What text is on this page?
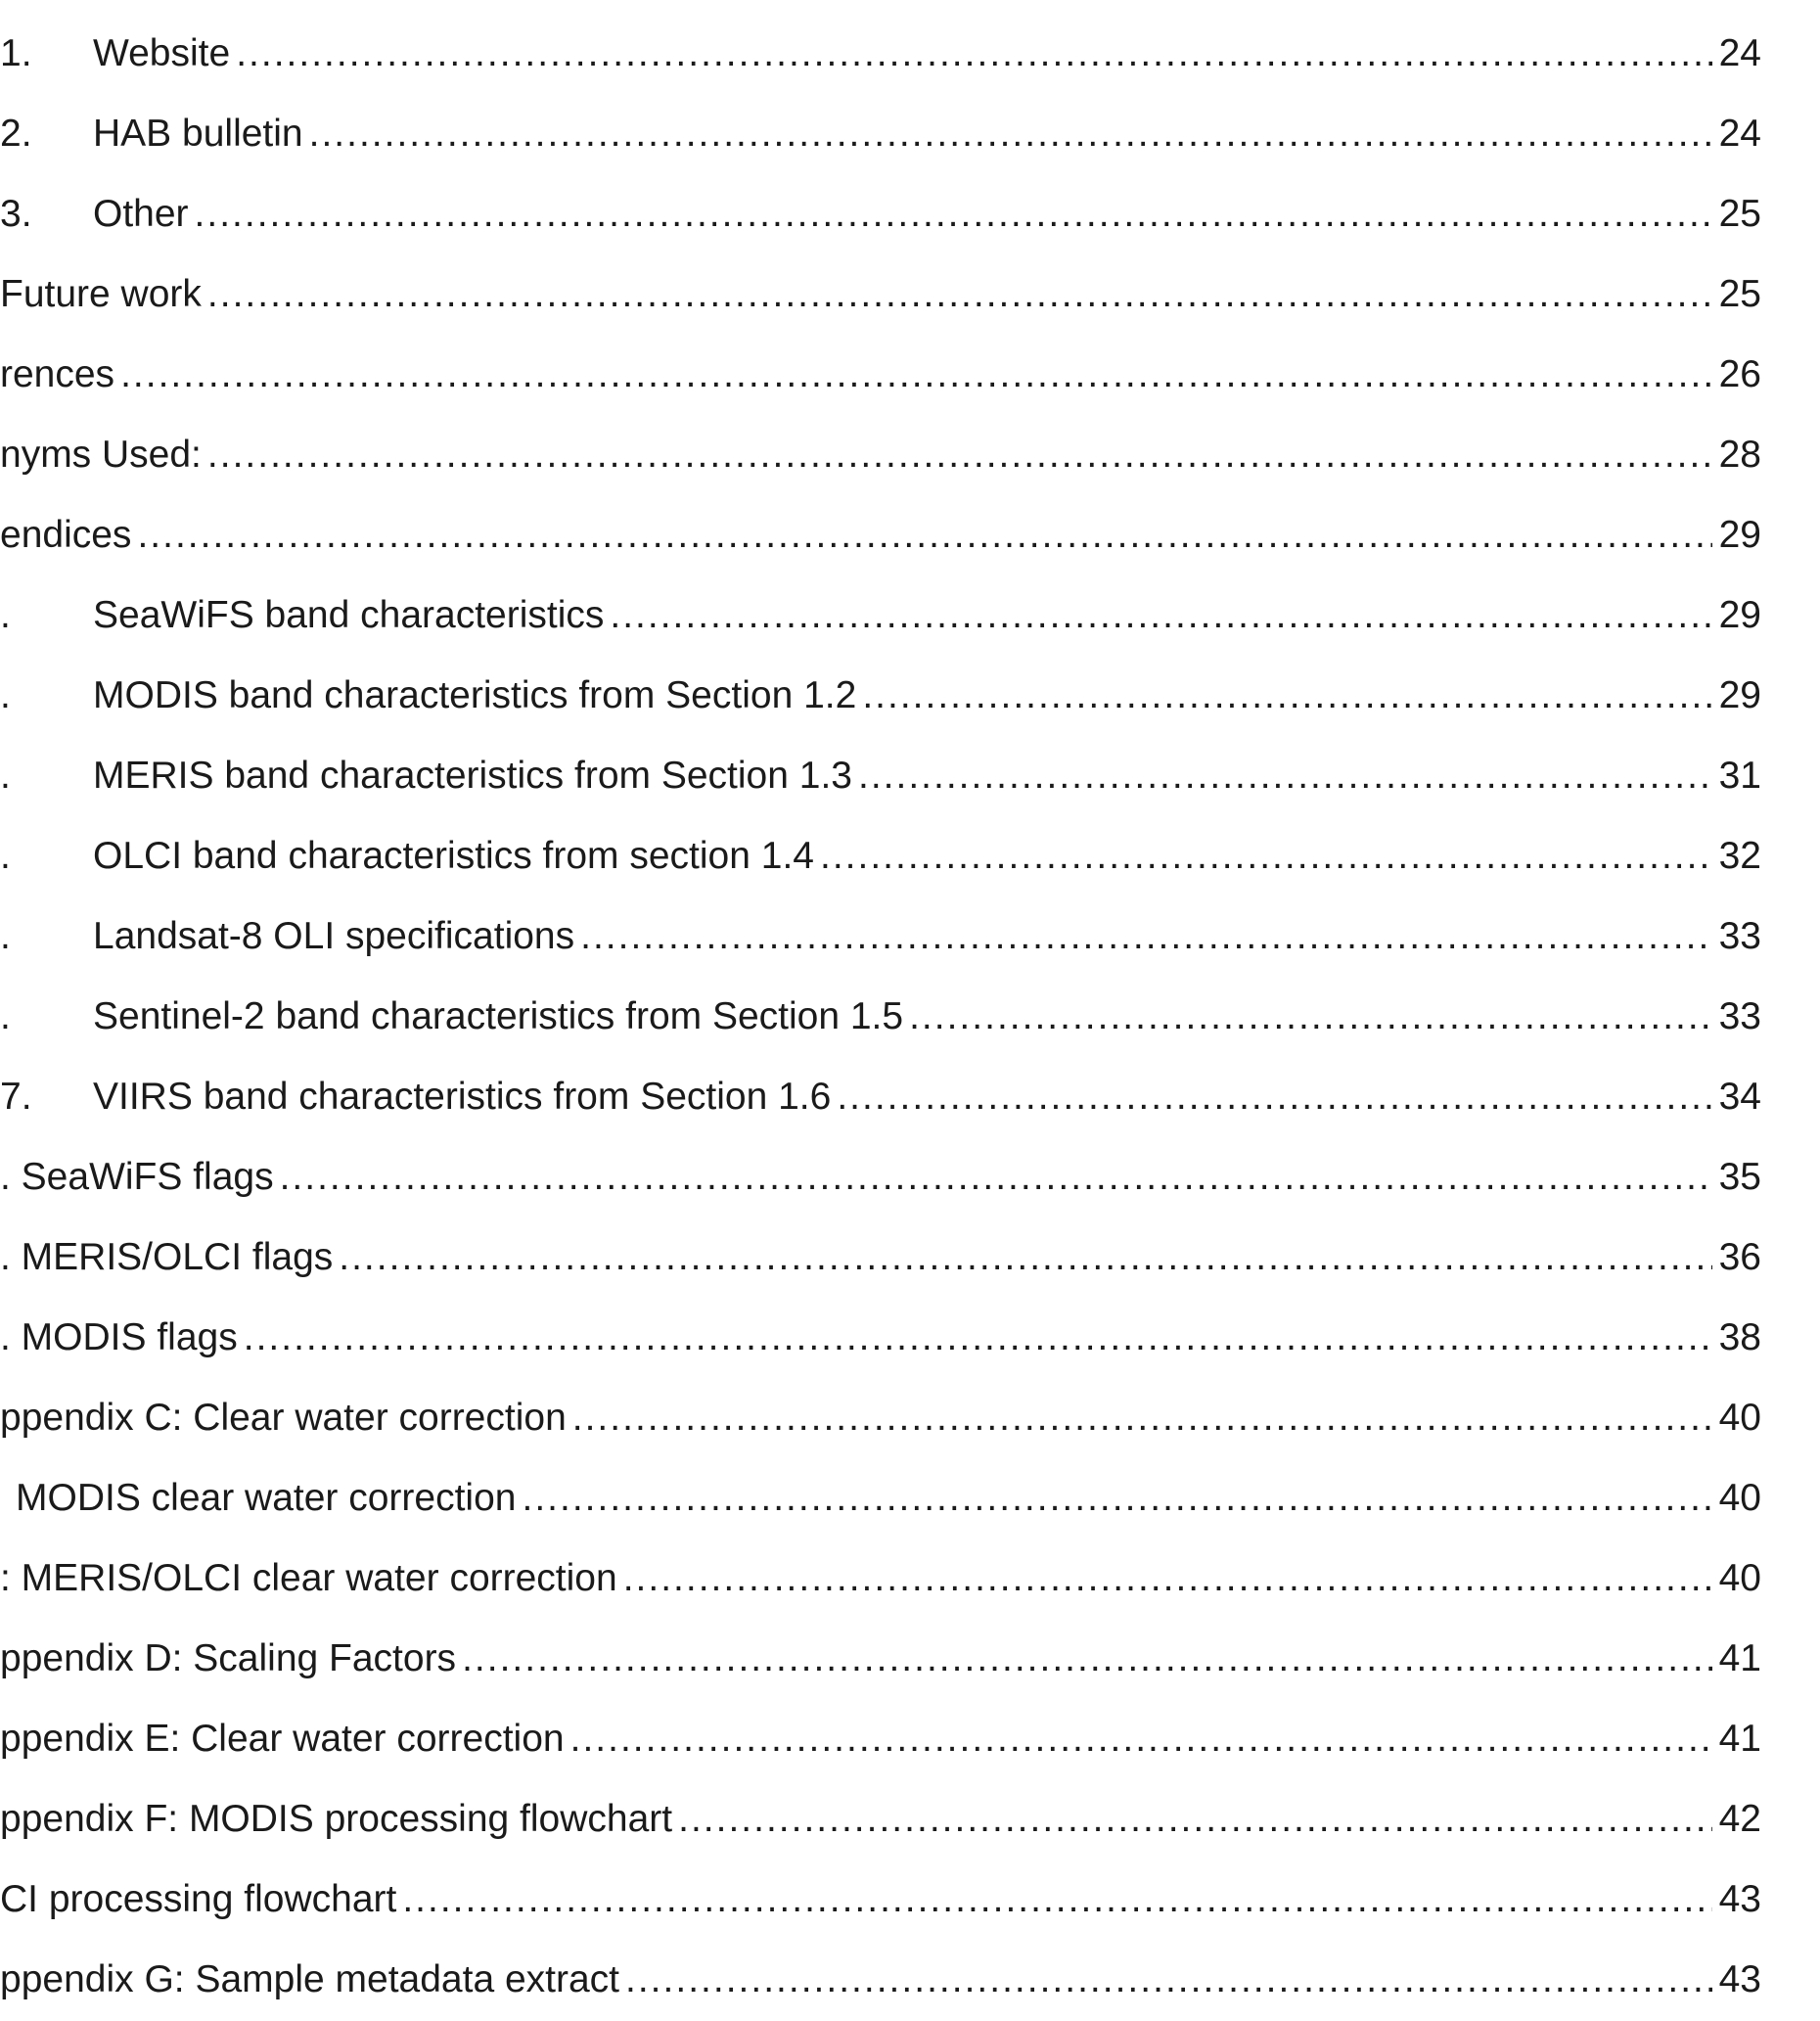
1.	Website .....	24
2.	HAB bulletin .....	24
3.	Other .....	25
Future work .....	25
rences .....	26
nyms Used: .....	28
endices .....	29
.	SeaWiFS band characteristics .....	29
.	MODIS band characteristics from Section 1.2 .....	29
.	MERIS band characteristics from Section 1.3 .....	31
.	OLCI band characteristics from section 1.4 .....	32
.	Landsat-8 OLI specifications .....	33
.	Sentinel-2 band characteristics from Section 1.5 .....	33
7.	VIIRS band characteristics from Section 1.6 .....	34
. SeaWiFS flags .....	35
. MERIS/OLCI flags .....	36
. MODIS flags .....	38
ppendix C: Clear water correction .....	40
MODIS clear water correction .....	40
: MERIS/OLCI clear water correction .....	40
ppendix D: Scaling Factors .....	41
ppendix E: Clear water correction .....	41
ppendix F: MODIS processing flowchart .....	42
CI processing flowchart .....	43
ppendix G: Sample metadata extract .....	43
